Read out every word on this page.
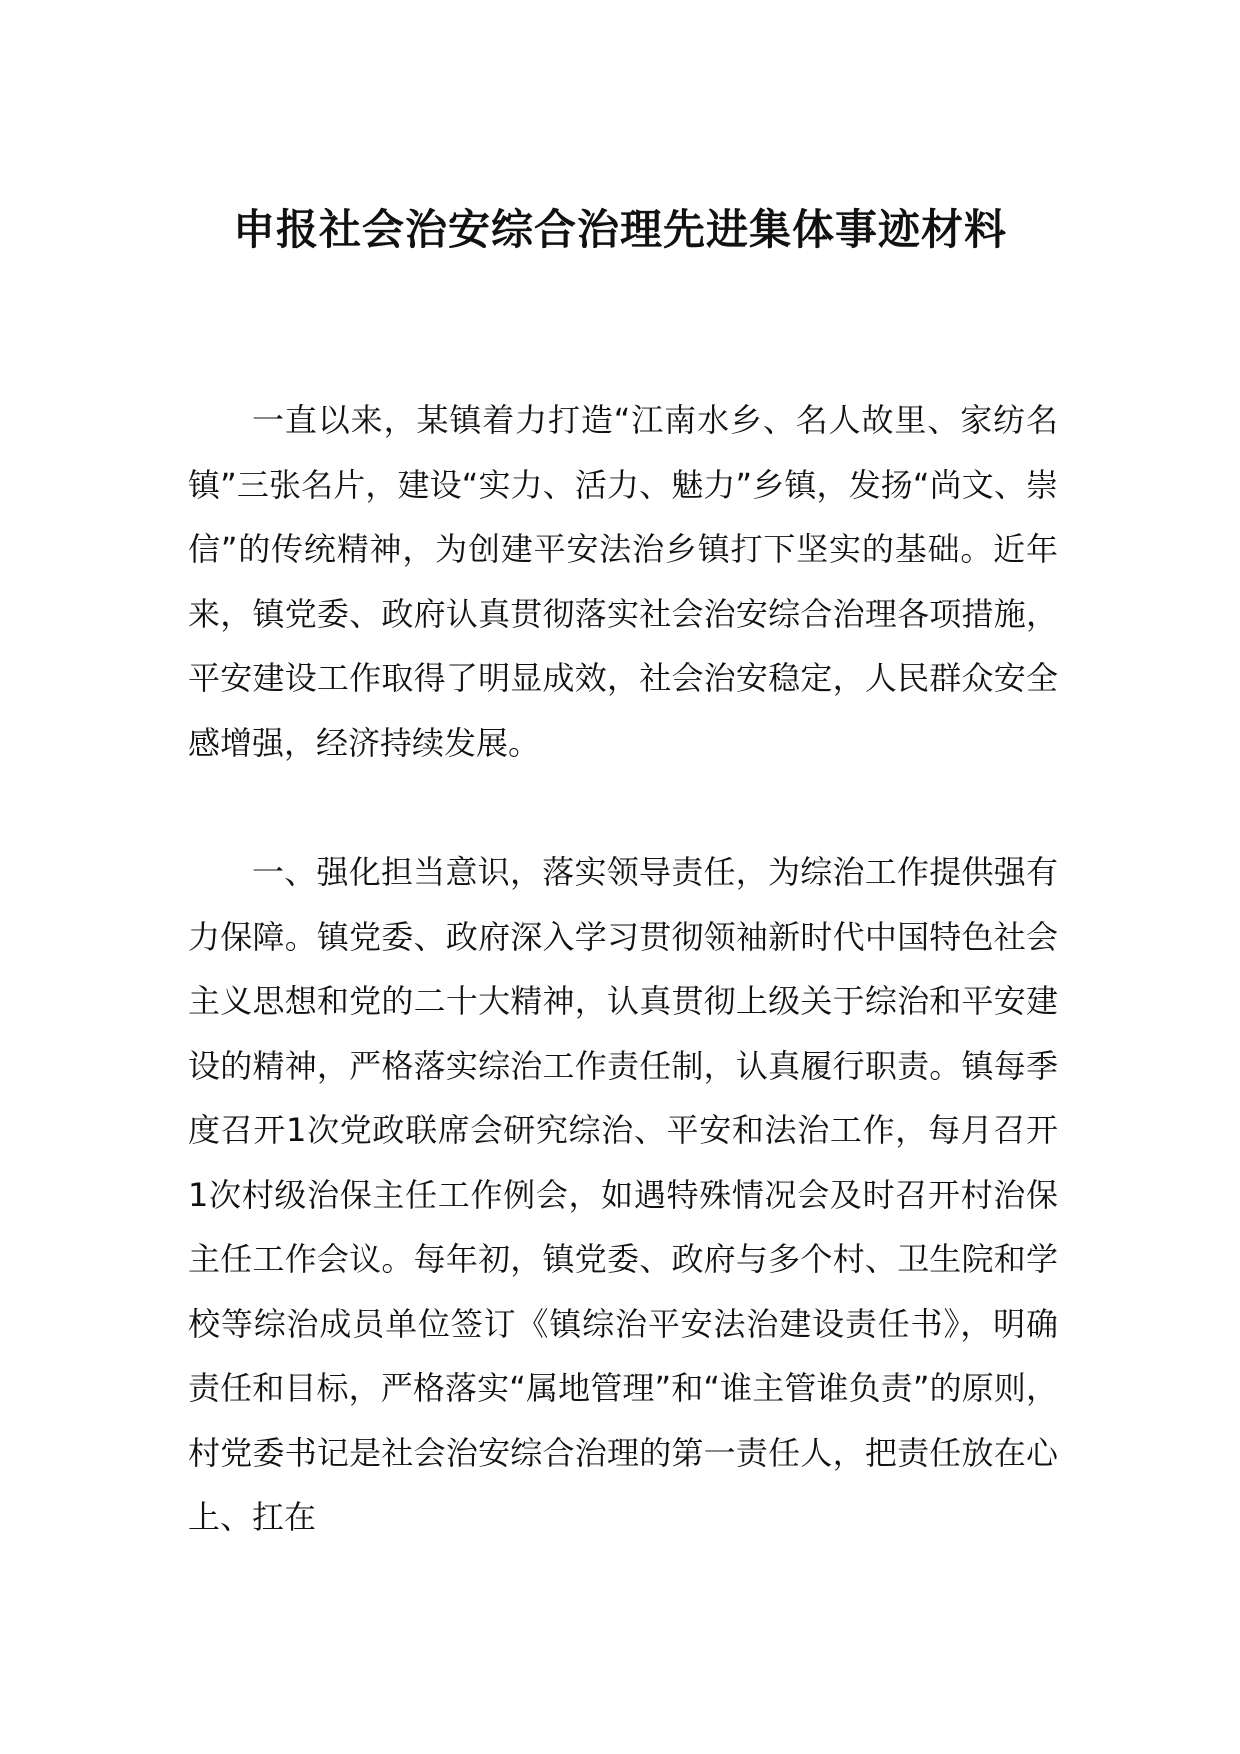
申报社会治安综合治理先进集体事迹材料

一直以来，某镇着力打造“江南水乡、名人故里、家纺名镇”三张名片，建设“实力、活力、魅力”乡镇，发扬“尚文、崇信”的传统精神，为创建平安法治乡镇打下坚实的基础。近年来，镇党委、政府认真贯彻落实社会治安综合治理各项措施，平安建设工作取得了明显成效，社会治安稳定，人民群众安全感增强，经济持续发展。

一、强化担当意识，落实领导责任，为综治工作提供强有力保障。镇党委、政府深入学习贯彻领袖新时代中国特色社会主义思想和党的二十大精神，认真贯彻上级关于综治和平安建设的精神，严格落实综治工作责任制，认真履行职责。镇每季度召开1次党政联席会研究综治、平安和法治工作，每月召开1次村级治保主任工作例会，如遇特殊情况会及时召开村治保主任工作会议。每年初，镇党委、政府与多个村、卫生院和学校等综治成员单位签订《镇综治平安法治建设责任书》，明确责任和目标，严格落实“属地管理”和“谁主管谁负责”的原则，村党委书记是社会治安综合治理的第一责任人，把责任放在心上、扛在
